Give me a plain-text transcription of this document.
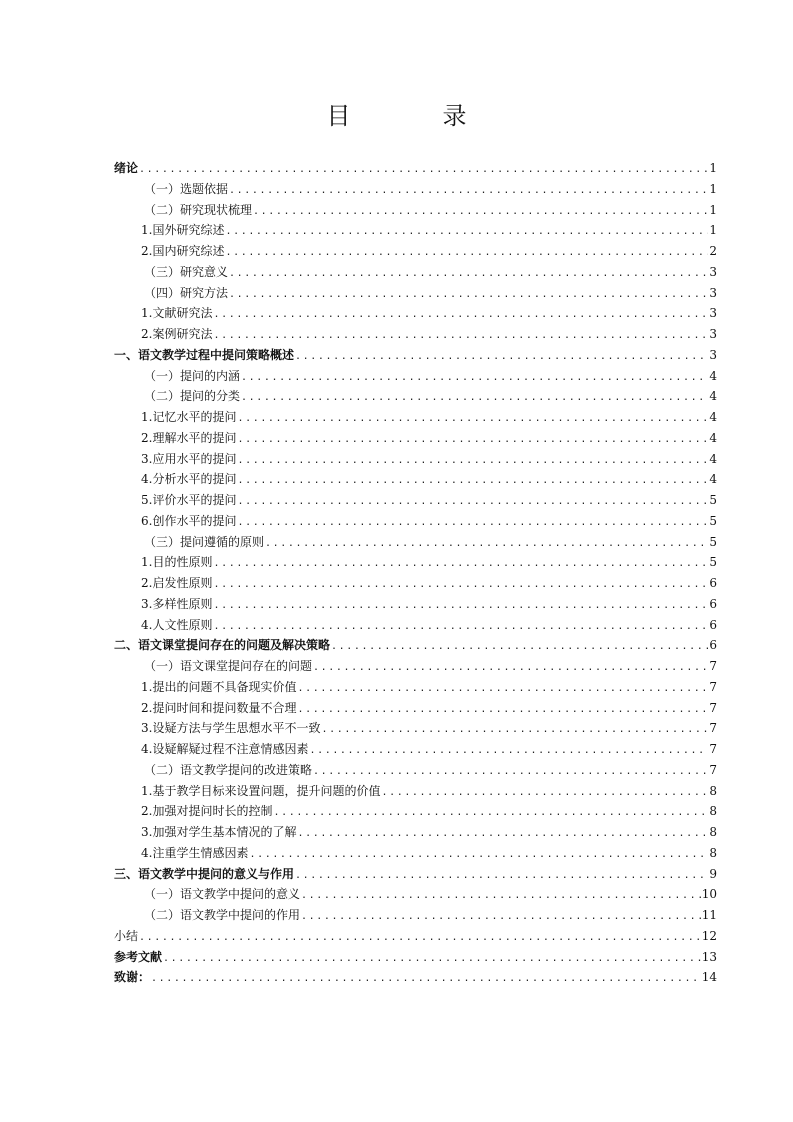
目　录
绪论 .....	1
（一）选题依据 .....	1
（二）研究现状梳理 .....	1
1.国外研究综述 .....	1
2.国内研究综述 .....	2
（三）研究意义 .....	3
（四）研究方法 .....	3
1.文献研究法 .....	3
2.案例研究法 .....	3
一、语文教学过程中提问策略概述 .....	3
（一）提问的内涵 .....	4
（二）提问的分类 .....	4
1.记忆水平的提问 .....	4
2.理解水平的提问 .....	4
3.应用水平的提问 .....	4
4.分析水平的提问 .....	4
5.评价水平的提问 .....	5
6.创作水平的提问 .....	5
（三）提问遵循的原则 .....	5
1.目的性原则 .....	5
2.启发性原则 .....	6
3.多样性原则 .....	6
4.人文性原则 .....	6
二、语文课堂提问存在的问题及解决策略 .....	6
（一）语文课堂提问存在的问题 .....	7
1.提出的问题不具备现实价值 .....	7
2.提问时间和提问数量不合理 .....	7
3.设疑方法与学生思想水平不一致 .....	7
4.设疑解疑过程不注意情感因素 .....	7
（二）语文教学提问的改进策略 .....	7
1.基于教学目标来设置问题，提升问题的价值 .....	8
2.加强对提问时长的控制 .....	8
3.加强对学生基本情况的了解 .....	8
4.注重学生情感因素 .....	8
三、语文教学中提问的意义与作用 .....	9
（一）语文教学中提问的意义 .....	10
（二）语文教学中提问的作用 .....	11
小结 .....	12
参考文献 .....	13
致谢： .....	14
